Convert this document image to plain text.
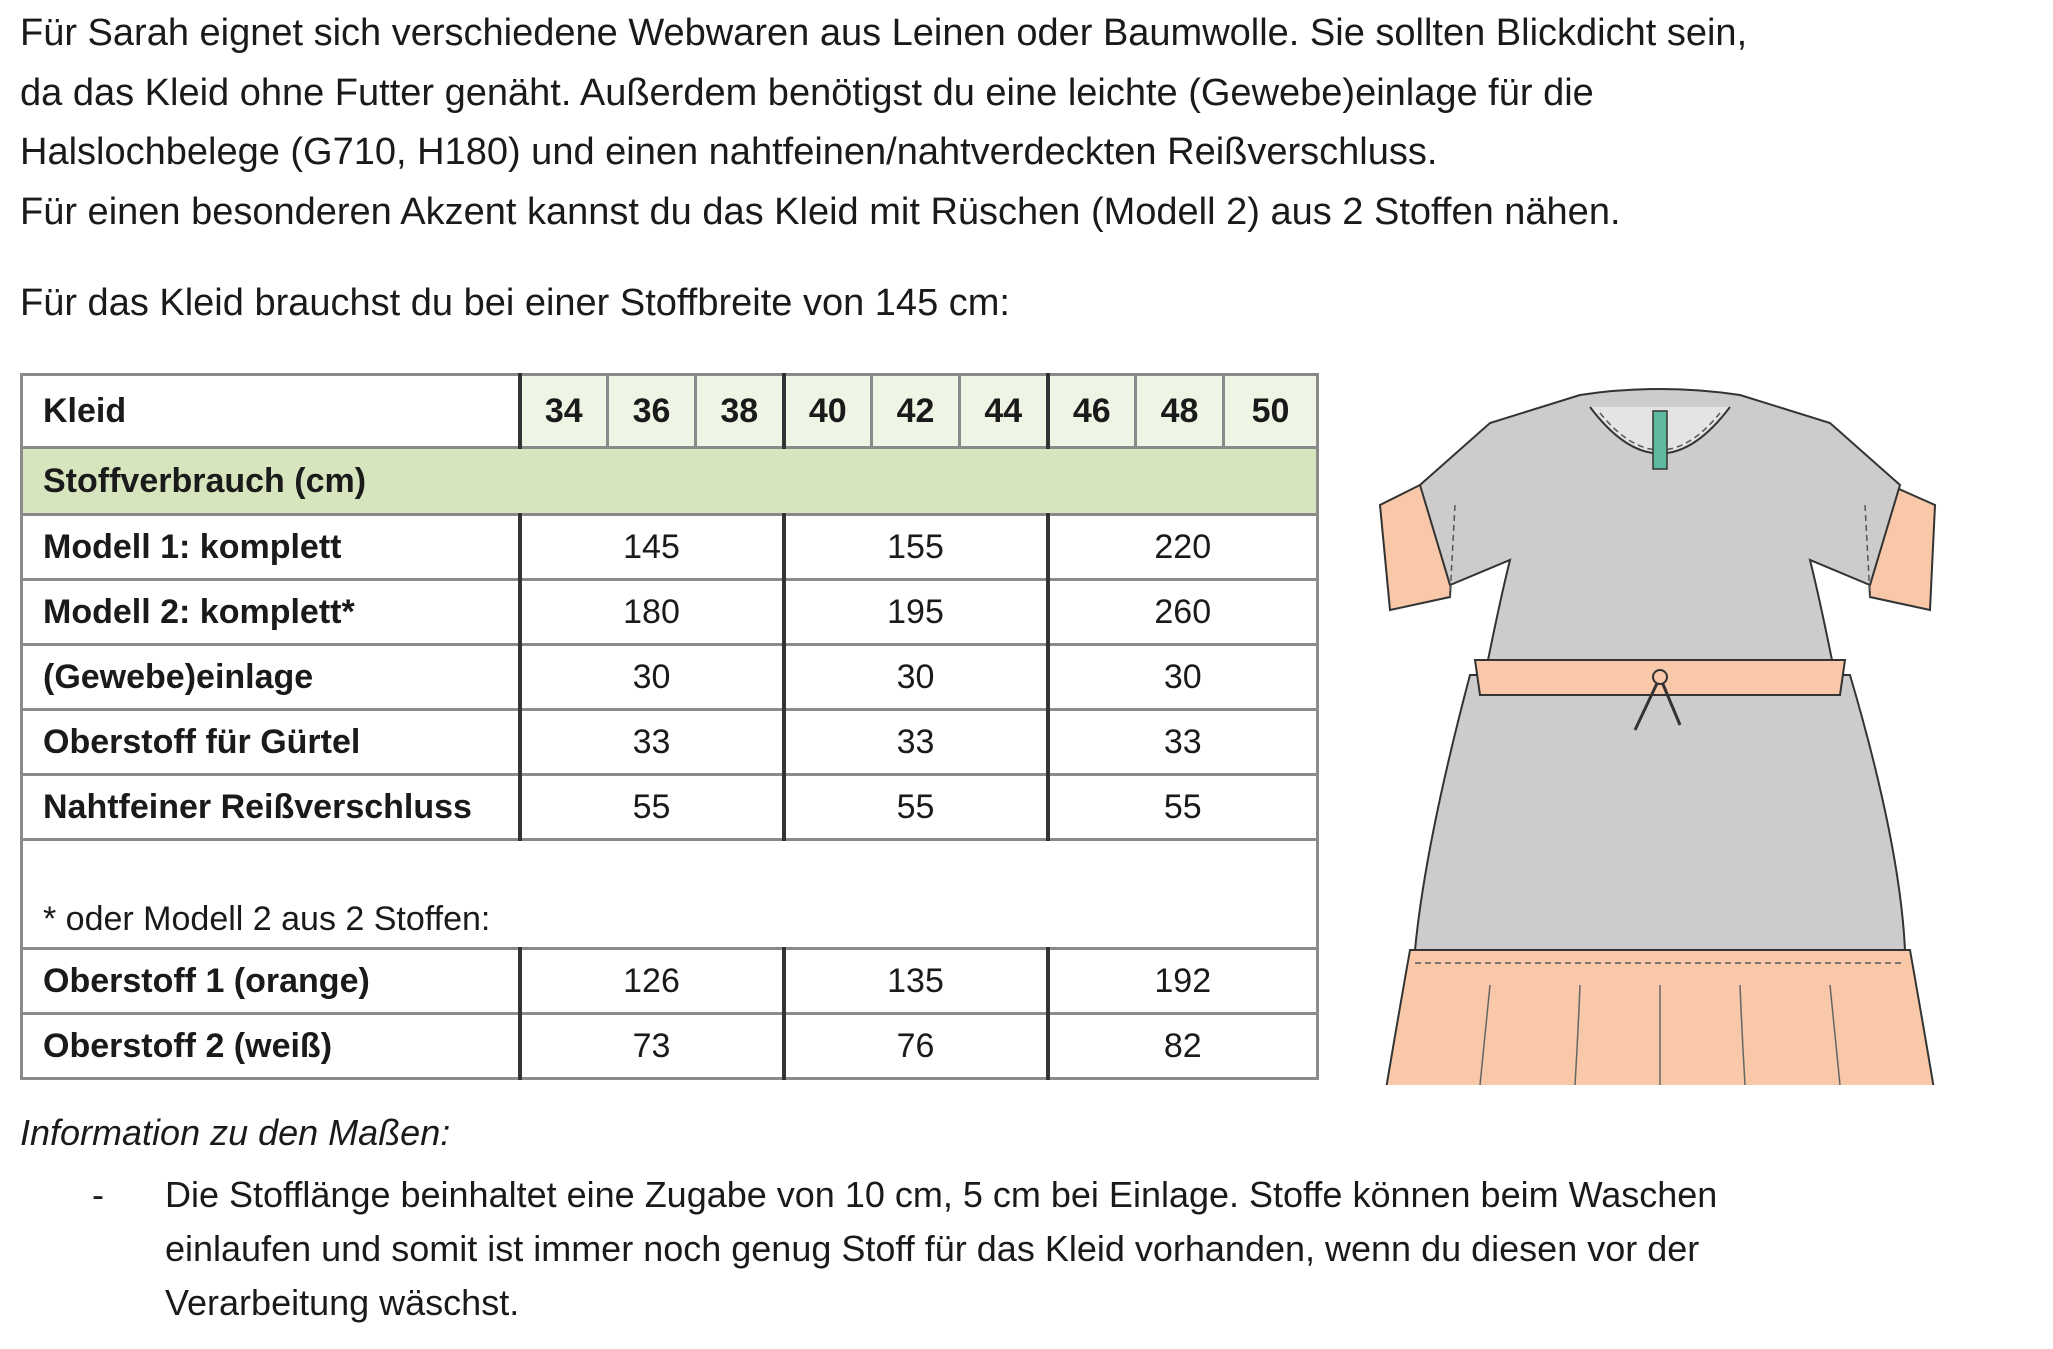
Für Sarah eignet sich verschiedene Webwaren aus Leinen oder Baumwolle. Sie sollten Blickdicht sein,

da das Kleid ohne Futter genäht. Außerdem benötigst du eine leichte (Gewebe)einlage für die

Halslochbelege (G710, H180) und einen nahtfeinen/nahtverdeckten Reißverschluss.

Für einen besonderen Akzent kannst du das Kleid mit Rüschen (Modell 2) aus 2 Stoffen nähen.

Für das Kleid brauchst du bei einer Stoffbreite von 145 cm:
Kleid	34	36	38	40	42	44	46	48	50
Stoffverbrauch (cm)									
Modell 1: komplett	145			155			220		
Modell 2: komplett*	180			195			260		
(Gewebe)einlage	30			30			30		
Oberstoff für Gürtel	33			33			33		
Nahtfeiner Reißverschluss	55			55			55		
* oder Modell 2 aus 2 Stoffen:									
Oberstoff 1 (orange)	126			135			192		
Oberstoff 2 (weiß)	73			76			82		
Information zu den Maßen:
- Die Stofflänge beinhaltet eine Zugabe von 10 cm, 5 cm bei Einlage. Stoffe können beim Waschen einlaufen und somit ist immer noch genug Stoff für das Kleid vorhanden, wenn du diesen vor der Verarbeitung wäschst.
